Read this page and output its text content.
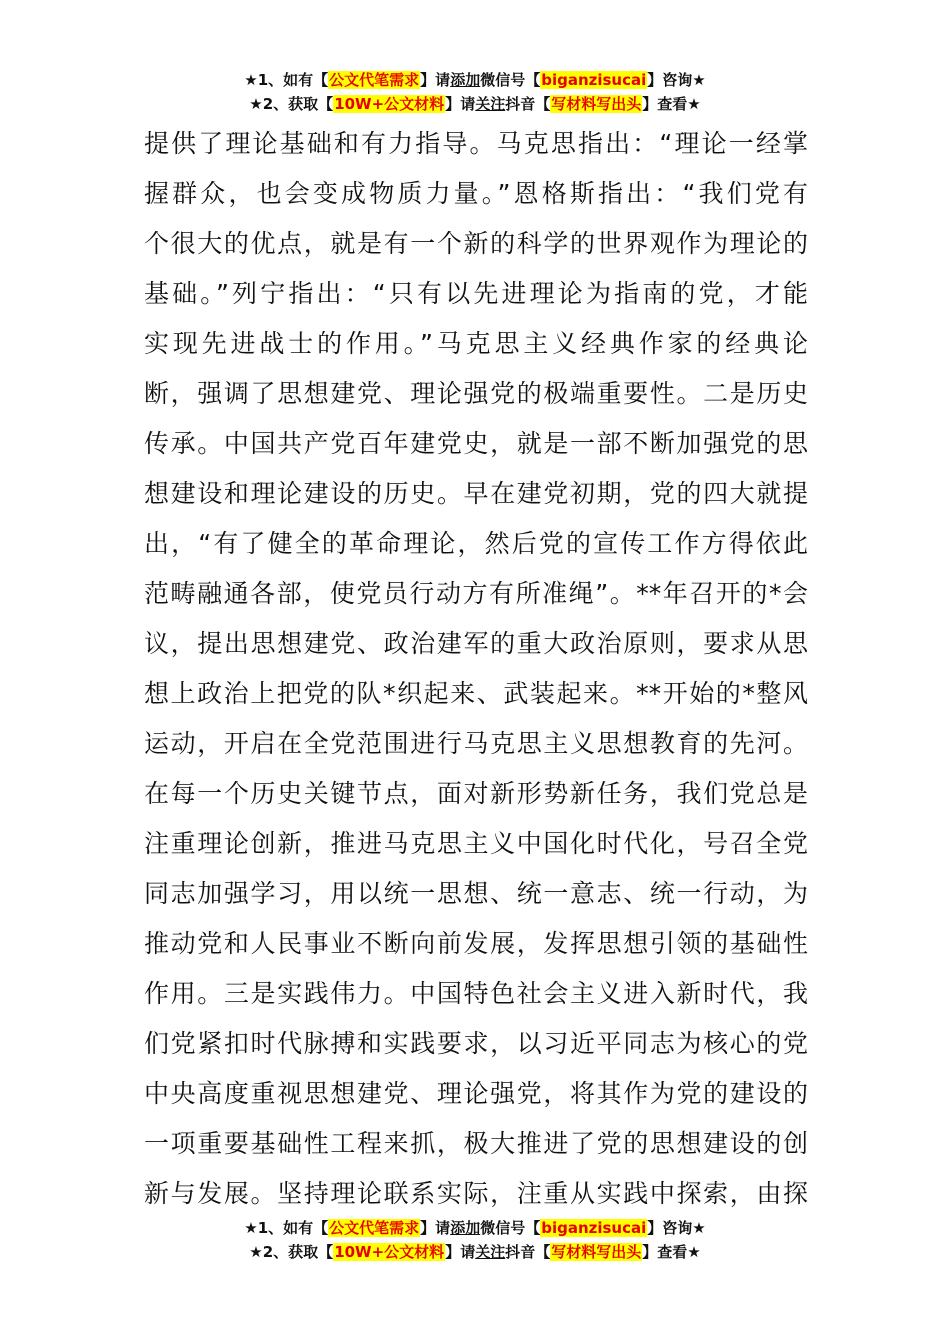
★1、如有【公文代笔需求】请添加微信号【biganzisucai】咨询★
★2、获取【10W+公文材料】请关注抖音【写材料写出头】查看★
提供了理论基础和有力指导。马克思指出：“理论一经掌
握群众，也会变成物质力量。”恩格斯指出：“我们党有
个很大的优点，就是有一个新的科学的世界观作为理论的
基础。”列宁指出：“只有以先进理论为指南的党，才能
实现先进战士的作用。”马克思主义经典作家的经典论
断，强调了思想建党、理论强党的极端重要性。二是历史
传承。中国共产党百年建党史，就是一部不断加强党的思
想建设和理论建设的历史。早在建党初期，党的四大就提
出，“有了健全的革命理论，然后党的宣传工作方得依此
范畴融通各部，使党员行动方有所准绳”。**年召开的*会
议，提出思想建党、政治建军的重大政治原则，要求从思
想上政治上把党的队*织起来、武装起来。**开始的*整风
运动，开启在全党范围进行马克思主义思想教育的先河。
在每一个历史关键节点，面对新形势新任务，我们党总是
注重理论创新，推进马克思主义中国化时代化，号召全党
同志加强学习，用以统一思想、统一意志、统一行动，为
推动党和人民事业不断向前发展，发挥思想引领的基础性
作用。三是实践伟力。中国特色社会主义进入新时代，我
们党紧扣时代脉搏和实践要求，以习近平同志为核心的党
中央高度重视思想建党、理论强党，将其作为党的建设的
一项重要基础性工程来抓，极大推进了党的思想建设的创
新与发展。坚持理论联系实际，注重从实践中探索，由探
★1、如有【公文代笔需求】请添加微信号【biganzisucai】咨询★
★2、获取【10W+公文材料】请关注抖音【写材料写出头】查看★
